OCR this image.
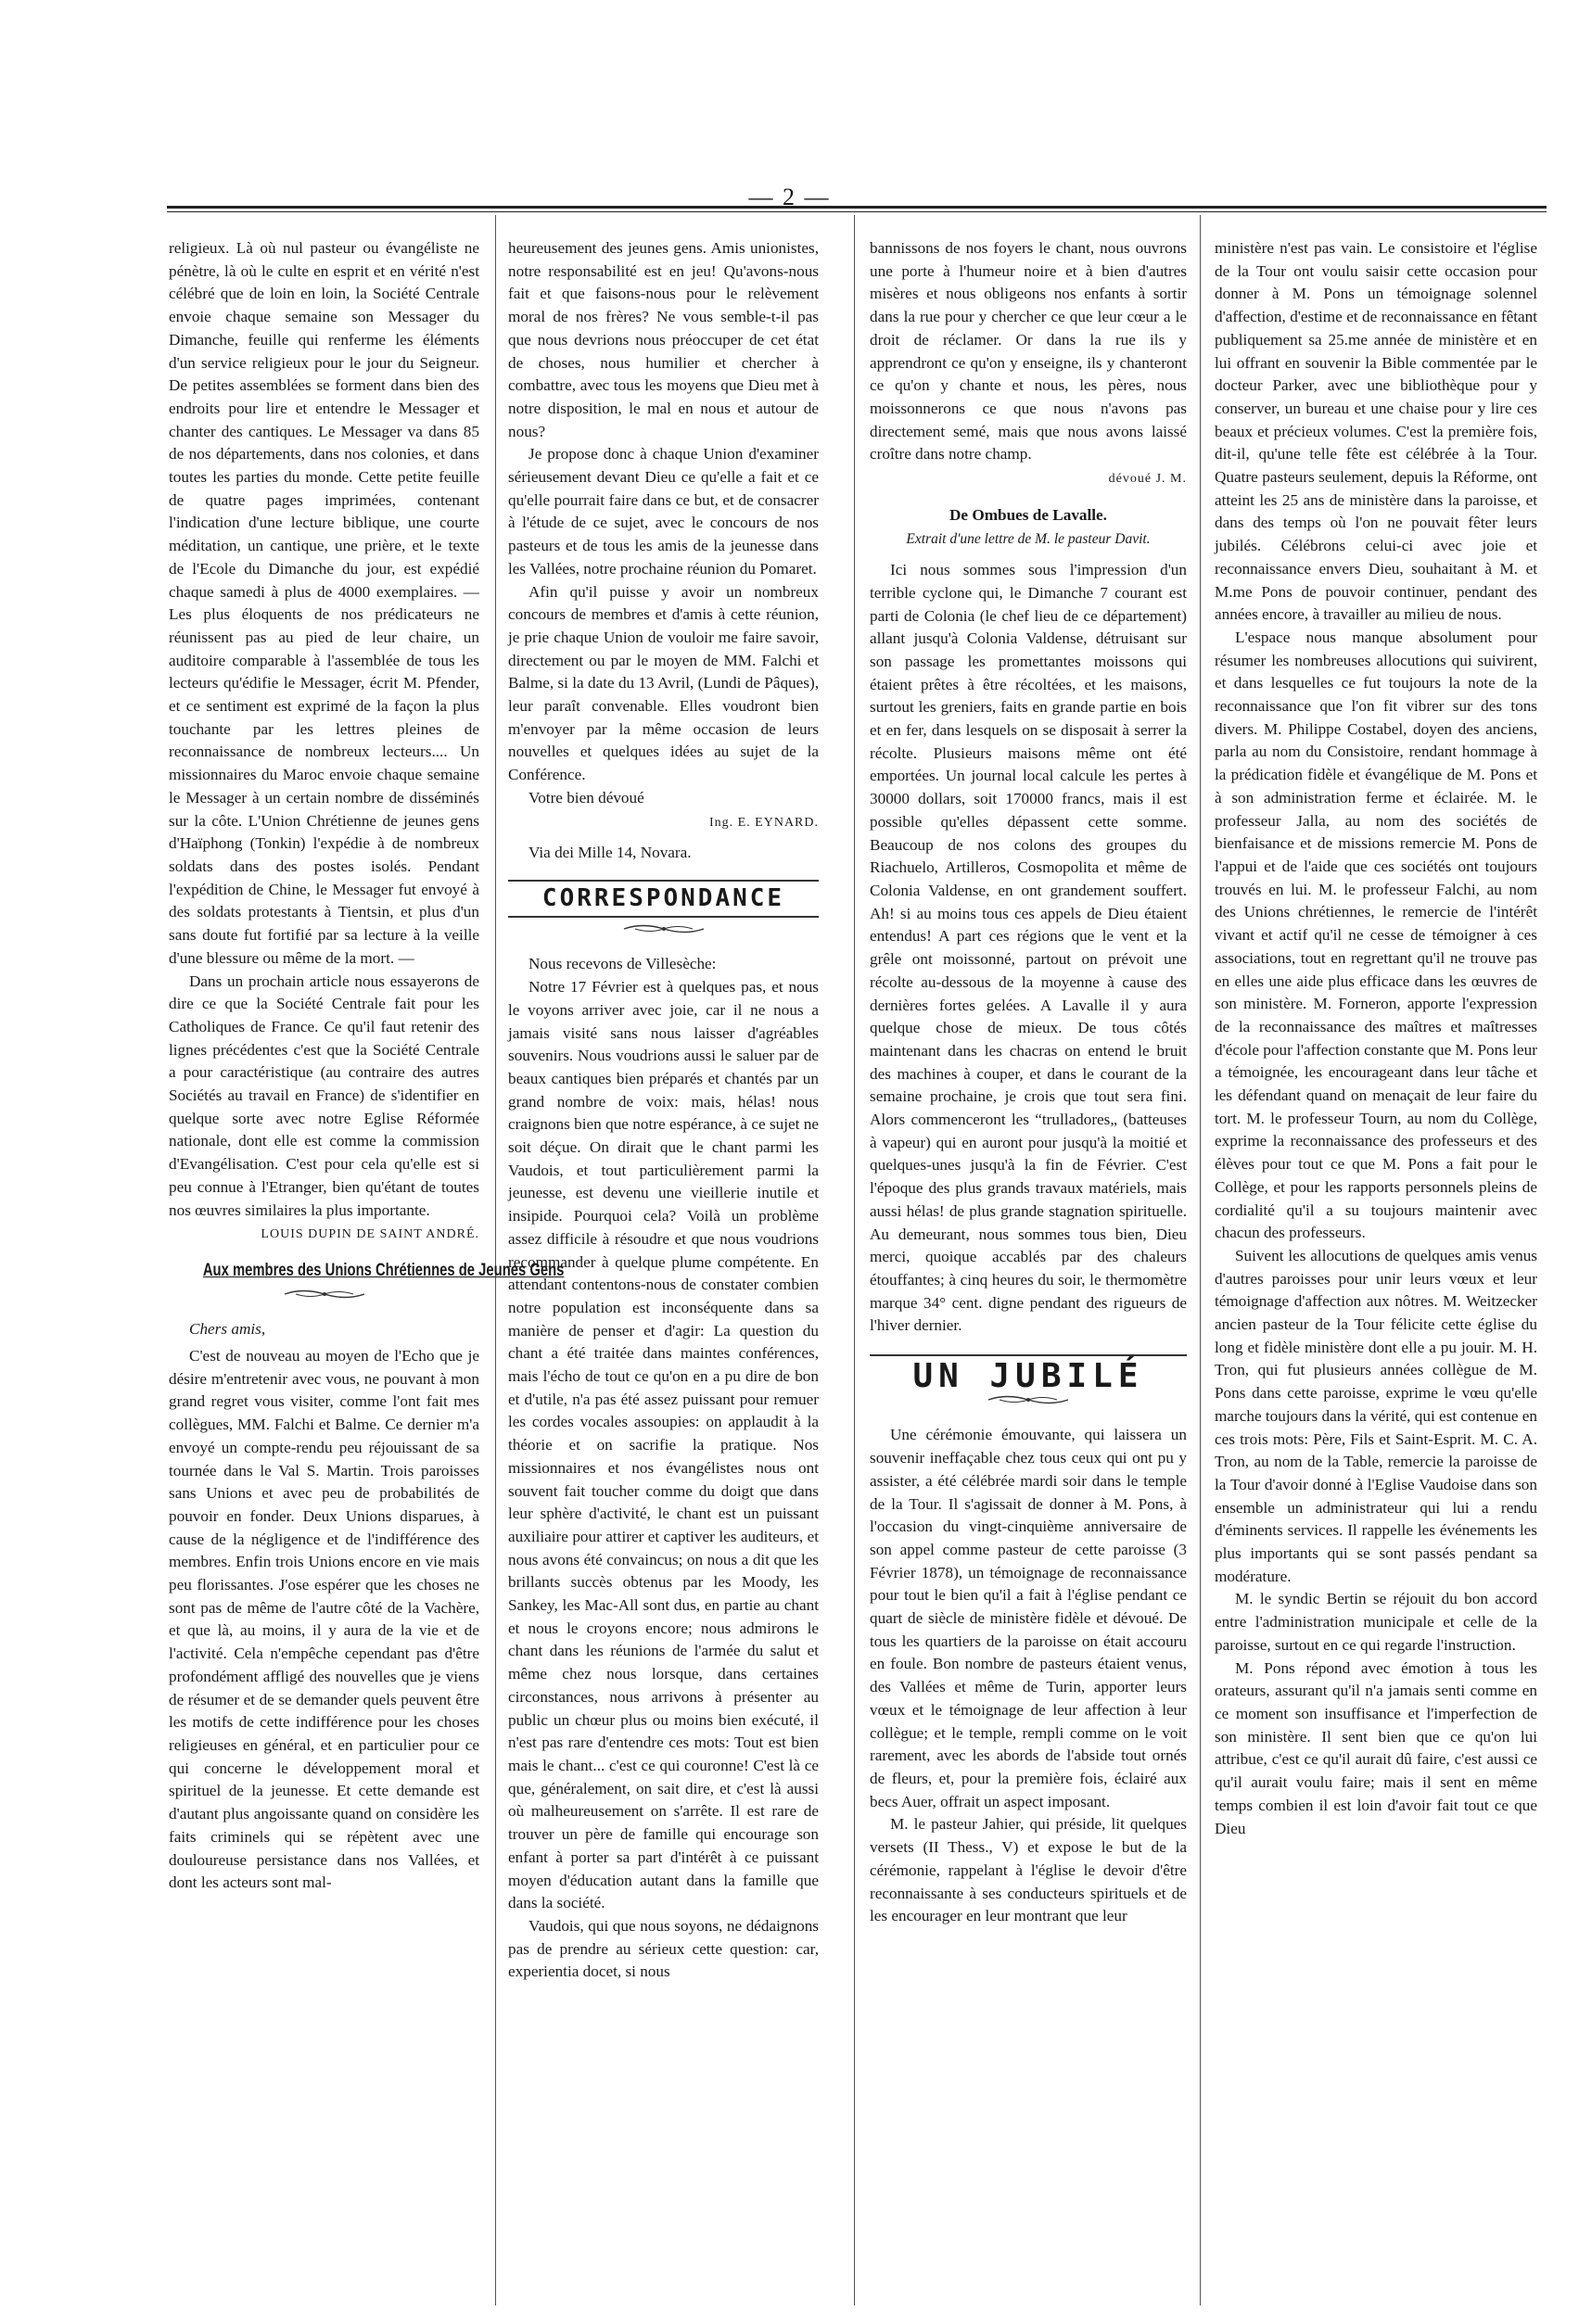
— 2 —

religieux. Là où nul pasteur ou évangéliste ne pénètre, là où le culte en esprit et en vérité n'est célébré que de loin en loin, la Société Centrale envoie chaque semaine son Messager du Dimanche, feuille qui renferme les éléments d'un service religieux pour le jour du Seigneur. De petites assemblées se forment dans bien des endroits pour lire et entendre le Messager et chanter des cantiques. Le Messager va dans 85 de nos départements, dans nos colonies, et dans toutes les parties du monde. Cette petite feuille de quatre pages imprimées, contenant l'indication d'une lecture biblique, une courte méditation, un cantique, une prière, et le texte de l'Ecole du Dimanche du jour, est expédié chaque samedi à plus de 4000 exemplaires. — Les plus éloquents de nos prédicateurs ne réunissent pas au pied de leur chaire, un auditoire comparable à l'assemblée de tous les lecteurs qu'édifie le Messager, écrit M. Pfender, et ce sentiment est exprimé de la façon la plus touchante par les lettres pleines de reconnaissance de nombreux lecteurs.... Un missionnaires du Maroc envoie chaque semaine le Messager à un certain nombre de disséminés sur la côte. L'Union Chrétienne de jeunes gens d'Haïphong (Tonkin) l'expédie à de nombreux soldats dans des postes isolés. Pendant l'expédition de Chine, le Messager fut envoyé à des soldats protestants à Tientsin, et plus d'un sans doute fut fortifié par sa lecture à la veille d'une blessure ou même de la mort. —

Dans un prochain article nous essayerons de dire ce que la Société Centrale fait pour les Catholiques de France. Ce qu'il faut retenir des lignes précédentes c'est que la Société Centrale a pour caractéristique (au contraire des autres Sociétés au travail en France) de s'identifier en quelque sorte avec notre Eglise Réformée nationale, dont elle est comme la commission d'Evangélisation. C'est pour cela qu'elle est si peu connue à l'Etranger, bien qu'étant de toutes nos œuvres similaires la plus importante.

LOUIS DUPIN DE SAINT ANDRÉ.
Aux membres des Unions Chrétiennes de Jeunes Gens

Chers amis,

C'est de nouveau au moyen de l'Echo que je désire m'entretenir avec vous, ne pouvant à mon grand regret vous visiter, comme l'ont fait mes collègues, MM. Falchi et Balme. Ce dernier m'a envoyé un compte-rendu peu réjouissant de sa tournée dans le Val S. Martin. Trois paroisses sans Unions et avec peu de probabilités de pouvoir en fonder. Deux Unions disparues, à cause de la négligence et de l'indifférence des membres. Enfin trois Unions encore en vie mais peu florissantes. J'ose espérer que les choses ne sont pas de même de l'autre côté de la Vachère, et que là, au moins, il y aura de la vie et de l'activité. Cela n'empêche cependant pas d'être profondément affligé des nouvelles que je viens de résumer et de se demander quels peuvent être les motifs de cette indifférence pour les choses religieuses en général, et en particulier pour ce qui concerne le développement moral et spirituel de la jeunesse. Et cette demande est d'autant plus angoissante quand on considère les faits criminels qui se répètent avec une douloureuse persistance dans nos Vallées, et dont les acteurs sont mal-

heureusement des jeunes gens. Amis unionistes, notre responsabilité est en jeu! Qu'avons-nous fait et que faisons-nous pour le relèvement moral de nos frères? Ne vous semble-t-il pas que nous devrions nous préoccuper de cet état de choses, nous humilier et chercher à combattre, avec tous les moyens que Dieu met à notre disposition, le mal en nous et autour de nous?

Je propose donc à chaque Union d'examiner sérieusement devant Dieu ce qu'elle a fait et ce qu'elle pourrait faire dans ce but, et de consacrer à l'étude de ce sujet, avec le concours de nos pasteurs et de tous les amis de la jeunesse dans les Vallées, notre prochaine réunion du Pomaret.

Afin qu'il puisse y avoir un nombreux concours de membres et d'amis à cette réunion, je prie chaque Union de vouloir me faire savoir, directement ou par le moyen de MM. Falchi et Balme, si la date du 13 Avril, (Lundi de Pâques), leur paraît convenable. Elles voudront bien m'envoyer par la même occasion de leurs nouvelles et quelques idées au sujet de la Conférence.

Votre bien dévoué

Ing. E. EYNARD.

Via dei Mille 14, Novara.

CORRESPONDANCE

Nous recevons de Villesèche:

Notre 17 Février est à quelques pas, et nous le voyons arriver avec joie, car il ne nous a jamais visité sans nous laisser d'agréables souvenirs. Nous voudrions aussi le saluer par de beaux cantiques bien préparés et chantés par un grand nombre de voix: mais, hélas! nous craignons bien que notre espérance, à ce sujet ne soit déçue. On dirait que le chant parmi les Vaudois, et tout particulièrement parmi la jeunesse, est devenu une vieillerie inutile et insipide. Pourquoi cela? Voilà un problème assez difficile à résoudre et que nous voudrions recommander à quelque plume compétente. En attendant contentons-nous de constater combien notre population est inconséquente dans sa manière de penser et d'agir: La question du chant a été traitée dans maintes conférences, mais l'écho de tout ce qu'on en a pu dire de bon et d'utile, n'a pas été assez puissant pour remuer les cordes vocales assoupies: on applaudit à la théorie et on sacrifie la pratique. Nos missionnaires et nos évangélistes nous ont souvent fait toucher comme du doigt que dans leur sphère d'activité, le chant est un puissant auxiliaire pour attirer et captiver les auditeurs, et nous avons été convaincus; on nous a dit que les brillants succès obtenus par les Moody, les Sankey, les Mac-All sont dus, en partie au chant et nous le croyons encore; nous admirons le chant dans les réunions de l'armée du salut et même chez nous lorsque, dans certaines circonstances, nous arrivons à présenter au public un chœur plus ou moins bien exécuté, il n'est pas rare d'entendre ces mots: Tout est bien mais le chant... c'est ce qui couronne! C'est là ce que, généralement, on sait dire, et c'est là aussi où malheureusement on s'arrête. Il est rare de trouver un père de famille qui encourage son enfant à porter sa part d'intérêt à ce puissant moyen d'éducation autant dans la famille que dans la société.

Vaudois, qui que nous soyons, ne dédaignons pas de prendre au sérieux cette question: car, experientia docet, si nous

bannissons de nos foyers le chant, nous ouvrons une porte à l'humeur noire et à bien d'autres misères et nous obligeons nos enfants à sortir dans la rue pour y chercher ce que leur cœur a le droit de réclamer. Or dans la rue ils y apprendront ce qu'on y enseigne, ils y chanteront ce qu'on y chante et nous, les pères, nous moissonnerons ce que nous n'avons pas directement semé, mais que nous avons laissé croître dans notre champ.

dévoué J. M.
De Ombues de Lavalle.
Extrait d'une lettre de M. le pasteur Davit.

Ici nous sommes sous l'impression d'un terrible cyclone qui, le Dimanche 7 courant est parti de Colonia (le chef lieu de ce département) allant jusqu'à Colonia Valdense, détruisant sur son passage les promettantes moissons qui étaient prêtes à être récoltées, et les maisons, surtout les greniers, faits en grande partie en bois et en fer, dans lesquels on se disposait à serrer la récolte. Plusieurs maisons même ont été emportées. Un journal local calcule les pertes à 30000 dollars, soit 170000 francs, mais il est possible qu'elles dépassent cette somme. Beaucoup de nos colons des groupes du Riachuelo, Artilleros, Cosmopolita et même de Colonia Valdense, en ont grandement souffert. Ah! si au moins tous ces appels de Dieu étaient entendus! A part ces régions que le vent et la grêle ont moissonné, partout on prévoit une récolte au-dessous de la moyenne à cause des dernières fortes gelées. A Lavalle il y aura quelque chose de mieux. De tous côtés maintenant dans les chacras on entend le bruit des machines à couper, et dans le courant de la semaine prochaine, je crois que tout sera fini. Alors commenceront les “trulladores„ (batteuses à vapeur) qui en auront pour jusqu'à la moitié et quelques-unes jusqu'à la fin de Février. C'est l'époque des plus grands travaux matériels, mais aussi hélas! de plus grande stagnation spirituelle. Au demeurant, nous sommes tous bien, Dieu merci, quoique accablés par des chaleurs étouffantes; à cinq heures du soir, le thermomètre marque 34° cent. digne pendant des rigueurs de l'hiver dernier.

UN JUBILÉ

Une cérémonie émouvante, qui laissera un souvenir ineffaçable chez tous ceux qui ont pu y assister, a été célébrée mardi soir dans le temple de la Tour. Il s'agissait de donner à M. Pons, à l'occasion du vingt-cinquième anniversaire de son appel comme pasteur de cette paroisse (3 Février 1878), un témoignage de reconnaissance pour tout le bien qu'il a fait à l'église pendant ce quart de siècle de ministère fidèle et dévoué. De tous les quartiers de la paroisse on était accouru en foule. Bon nombre de pasteurs étaient venus, des Vallées et même de Turin, apporter leurs vœux et le témoignage de leur affection à leur collègue; et le temple, rempli comme on le voit rarement, avec les abords de l'abside tout ornés de fleurs, et, pour la première fois, éclairé aux becs Auer, offrait un aspect imposant.

M. le pasteur Jahier, qui préside, lit quelques versets (II Thess., V) et expose le but de la cérémonie, rappelant à l'église le devoir d'être reconnaissante à ses conducteurs spirituels et de les encourager en leur montrant que leur

ministère n'est pas vain. Le consistoire et l'église de la Tour ont voulu saisir cette occasion pour donner à M. Pons un témoignage solennel d'affection, d'estime et de reconnaissance en fêtant publiquement sa 25.me année de ministère et en lui offrant en souvenir la Bible commentée par le docteur Parker, avec une bibliothèque pour y conserver, un bureau et une chaise pour y lire ces beaux et précieux volumes. C'est la première fois, dit-il, qu'une telle fête est célébrée à la Tour. Quatre pasteurs seulement, depuis la Réforme, ont atteint les 25 ans de ministère dans la paroisse, et dans des temps où l'on ne pouvait fêter leurs jubilés. Célébrons celui-ci avec joie et reconnaissance envers Dieu, souhaitant à M. et M.me Pons de pouvoir continuer, pendant des années encore, à travailler au milieu de nous.

L'espace nous manque absolument pour résumer les nombreuses allocutions qui suivirent, et dans lesquelles ce fut toujours la note de la reconnaissance que l'on fit vibrer sur des tons divers. M. Philippe Costabel, doyen des anciens, parla au nom du Consistoire, rendant hommage à la prédication fidèle et évangélique de M. Pons et à son administration ferme et éclairée. M. le professeur Jalla, au nom des sociétés de bienfaisance et de missions remercie M. Pons de l'appui et de l'aide que ces sociétés ont toujours trouvés en lui. M. le professeur Falchi, au nom des Unions chrétiennes, le remercie de l'intérêt vivant et actif qu'il ne cesse de témoigner à ces associations, tout en regrettant qu'il ne trouve pas en elles une aide plus efficace dans les œuvres de son ministère. M. Forneron, apporte l'expression de la reconnaissance des maîtres et maîtresses d'école pour l'affection constante que M. Pons leur a témoignée, les encourageant dans leur tâche et les défendant quand on menaçait de leur faire du tort. M. le professeur Tourn, au nom du Collège, exprime la reconnaissance des professeurs et des élèves pour tout ce que M. Pons a fait pour le Collège, et pour les rapports personnels pleins de cordialité qu'il a su toujours maintenir avec chacun des professeurs.

Suivent les allocutions de quelques amis venus d'autres paroisses pour unir leurs vœux et leur témoignage d'affection aux nôtres. M. Weitzecker ancien pasteur de la Tour félicite cette église du long et fidèle ministère dont elle a pu jouir. M. H. Tron, qui fut plusieurs années collègue de M. Pons dans cette paroisse, exprime le vœu qu'elle marche toujours dans la vérité, qui est contenue en ces trois mots: Père, Fils et Saint-Esprit. M. C. A. Tron, au nom de la Table, remercie la paroisse de la Tour d'avoir donné à l'Eglise Vaudoise dans son ensemble un administrateur qui lui a rendu d'éminents services. Il rappelle les événements les plus importants qui se sont passés pendant sa modérature.

M. le syndic Bertin se réjouit du bon accord entre l'administration municipale et celle de la paroisse, surtout en ce qui regarde l'instruction.

M. Pons répond avec émotion à tous les orateurs, assurant qu'il n'a jamais senti comme en ce moment son insuffisance et l'imperfection de son ministère. Il sent bien que ce qu'on lui attribue, c'est ce qu'il aurait dû faire, c'est aussi ce qu'il aurait voulu faire; mais il sent en même temps combien il est loin d'avoir fait tout ce que Dieu
